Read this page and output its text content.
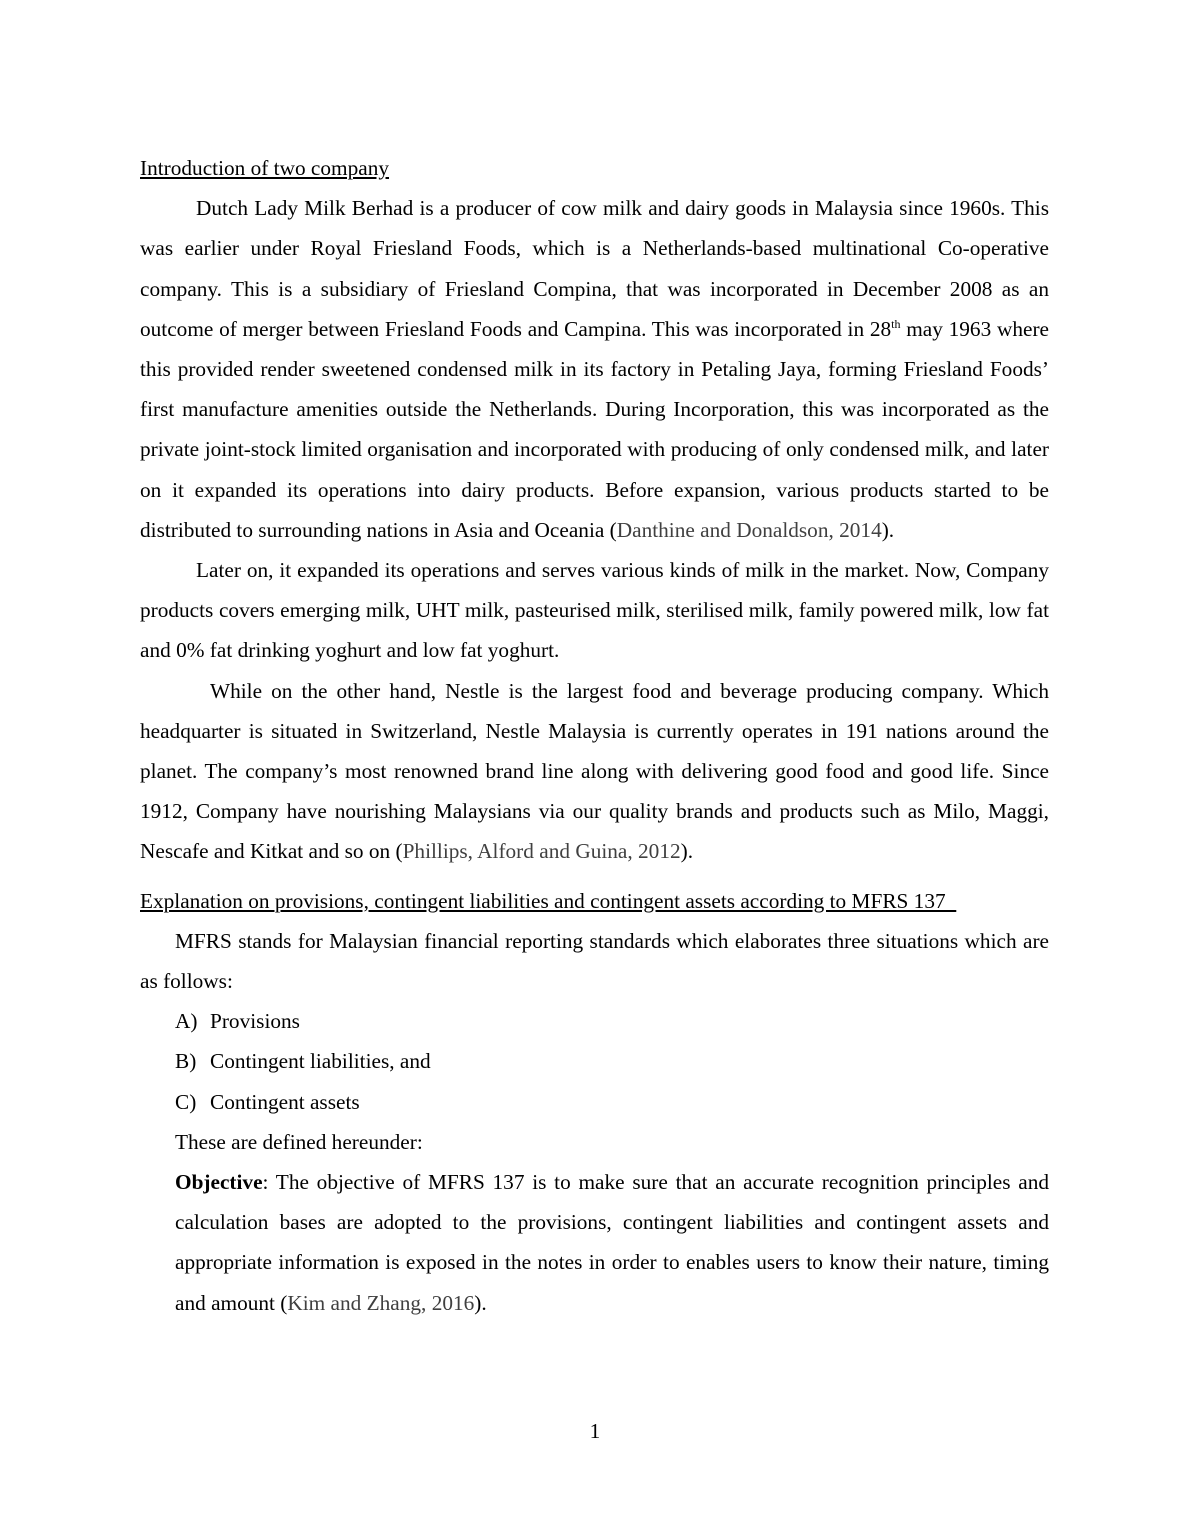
Introduction of two company

Dutch Lady Milk Berhad is a producer of cow milk and dairy goods in Malaysia since 1960s. This was earlier under Royal Friesland Foods, which is a Netherlands-based multinational Co-operative company. This is a subsidiary of Friesland Compina, that was incorporated in December 2008 as an outcome of merger between Friesland Foods and Campina. This was incorporated in 28th may 1963 where this provided render sweetened condensed milk in its factory in Petaling Jaya, forming Friesland Foods’ first manufacture amenities outside the Netherlands. During Incorporation, this was incorporated as the private joint-stock limited organisation and incorporated with producing of only condensed milk, and later on it expanded its operations into dairy products. Before expansion, various products started to be distributed to surrounding nations in Asia and Oceania (Danthine and Donaldson, 2014).

Later on, it expanded its operations and serves various kinds of milk in the market. Now, Company products covers emerging milk, UHT milk, pasteurised milk, sterilised milk, family powered milk, low fat and 0% fat drinking yoghurt and low fat yoghurt.

While on the other hand, Nestle is the largest food and beverage producing company. Which headquarter is situated in Switzerland, Nestle Malaysia is currently operates in 191 nations around the planet. The company’s most renowned brand line along with delivering good food and good life. Since 1912, Company have nourishing Malaysians via our quality brands and products such as Milo, Maggi, Nescafe and Kitkat and so on (Phillips, Alford and Guina, 2012).

Explanation on provisions, contingent liabilities and contingent assets according to MFRS 137

MFRS stands for Malaysian financial reporting standards which elaborates three situations which are as follows:

A) Provisions
B) Contingent liabilities, and
C) Contingent assets

These are defined hereunder:

Objective: The objective of MFRS 137 is to make sure that an accurate recognition principles and calculation bases are adopted to the provisions, contingent liabilities and contingent assets and appropriate information is exposed in the notes in order to enables users to know their nature, timing and amount (Kim and Zhang, 2016).

1
